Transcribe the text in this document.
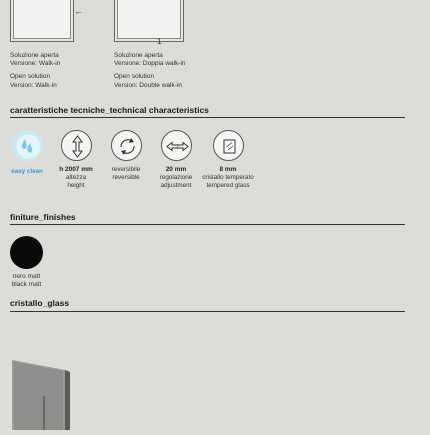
←
1
Soluzione aperta
Versione: Walk-in
Open solution
Version: Walk-in
Soluzione aperta
Versione: Doppia walk-in
Open solution
Version: Double walk-in
caratteristiche tecniche_technical characteristics
easy clean	h 2007 mm
altezza
height
reversibile
reversible
20 mm
regolazione
adjustment
8 mm
cristallo temperato
tempered glass
finiture_finishes
nero matt
black matt
cristallo_glass
